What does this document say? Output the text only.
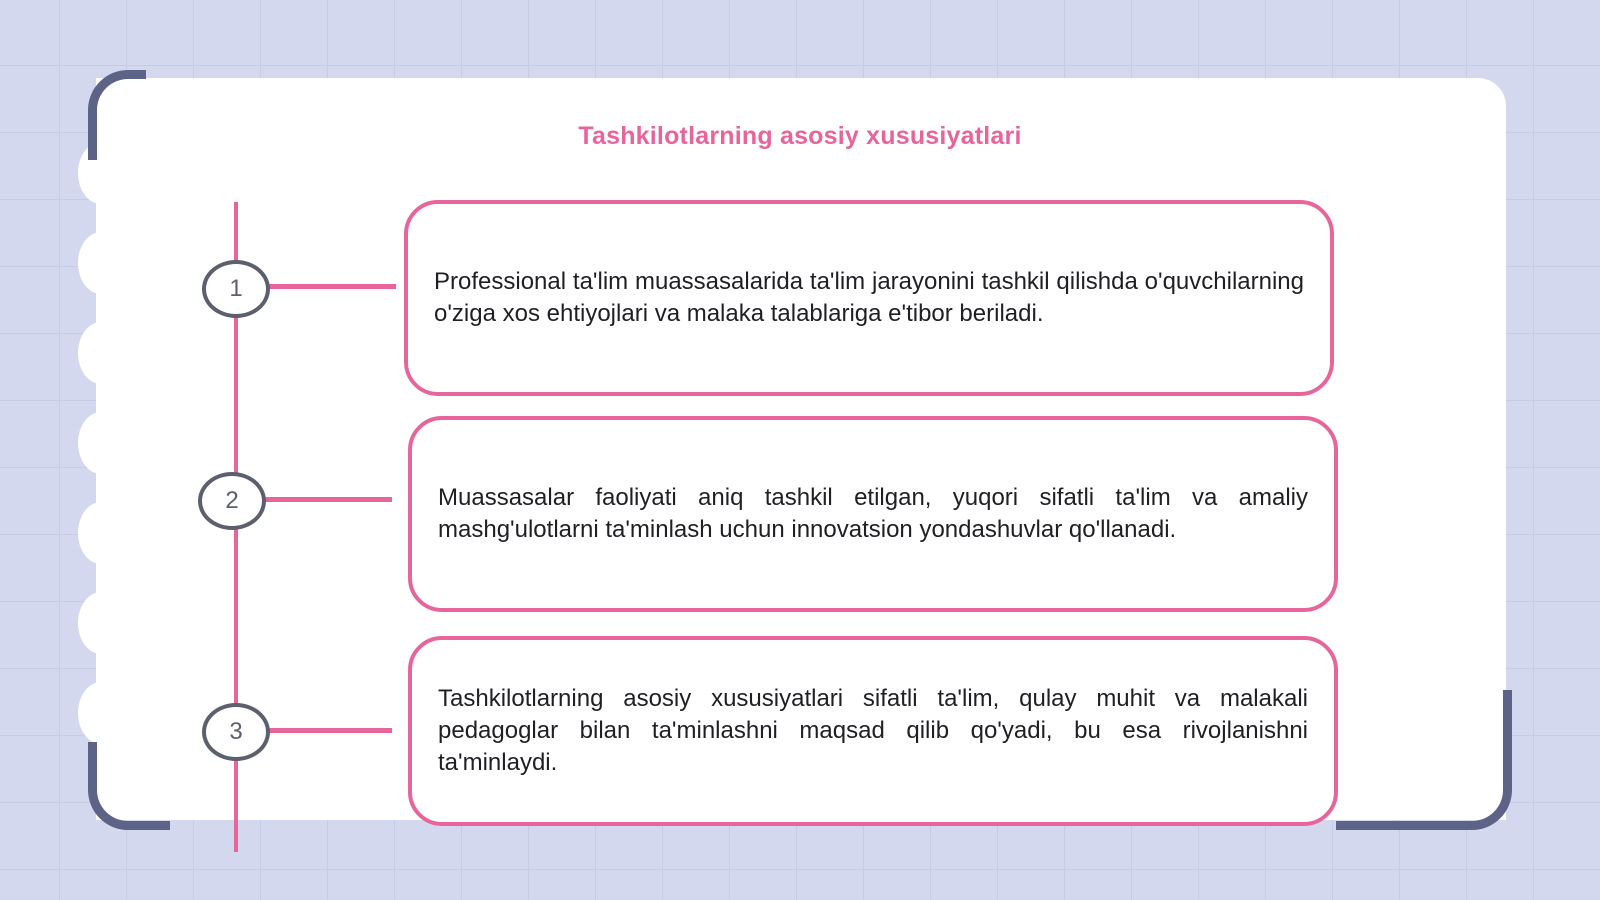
Tashkilotlarning asosiy xususiyatlari
1	Professional ta'lim muassasalarida ta'lim jarayonini tashkil qilishda o'quvchilarning o'ziga xos ehtiyojlari va malaka talablariga e'tibor beriladi.
2	Muassasalar faoliyati aniq tashkil etilgan, yuqori sifatli ta'lim va amaliy mashg'ulotlarni ta'minlash uchun innovatsion yondashuvlar qo'llanadi.
3
Tashkilotlarning asosiy xususiyatlari sifatli ta'lim, qulay muhit va malakali pedagoglar bilan ta'minlashni maqsad qilib qo'yadi, bu esa rivojlanishni ta'minlaydi.
